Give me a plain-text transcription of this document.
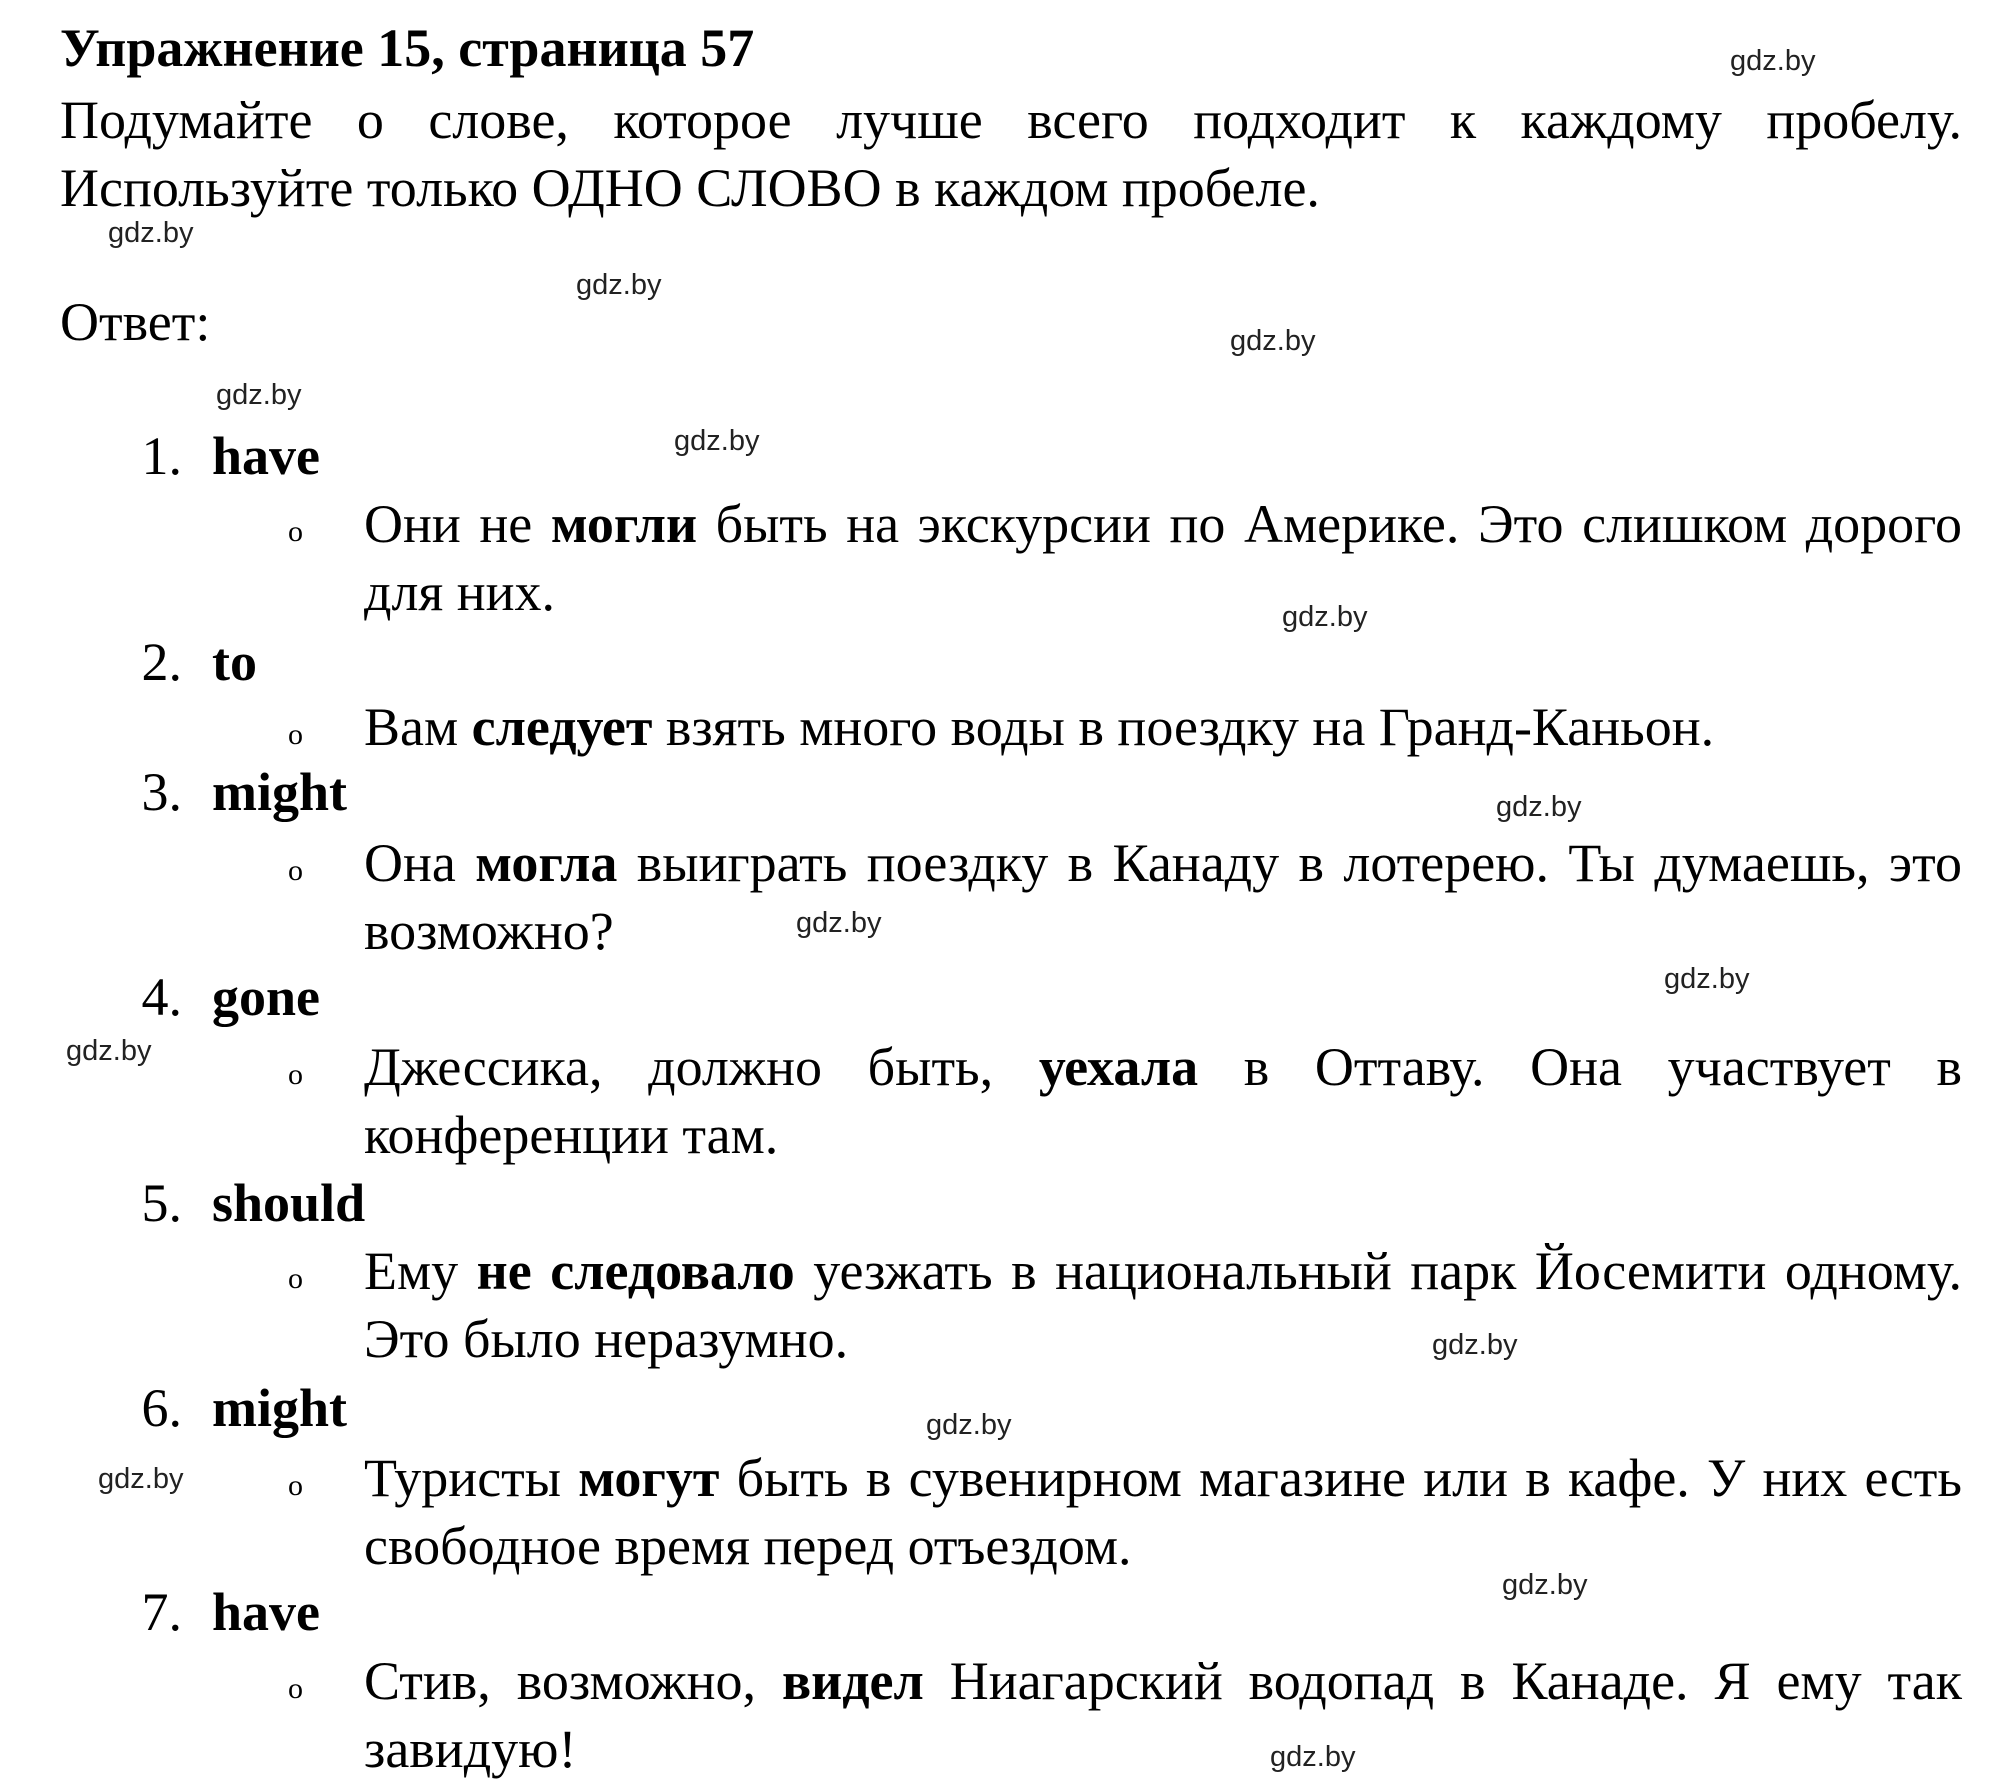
Упражнение 15, страница 57
Подумайте о слове, которое лучше всего подходит к каждому пробелу. Используйте только ОДНО СЛОВО в каждом пробеле.
Ответ:
1. have
o Они не могли быть на экскурсии по Америке. Это слишком дорого для них.
2. to
o Вам следует взять много воды в поездку на Гранд-Каньон.
3. might
o Она могла выиграть поездку в Канаду в лотерею. Ты думаешь, это возможно?
4. gone
o Джессика, должно быть, уехала в Оттаву. Она участвует в конференции там.
5. should
o Ему не следовало уезжать в национальный парк Йосемити одному. Это было неразумно.
6. might
o Туристы могут быть в сувенирном магазине или в кафе. У них есть свободное время перед отъездом.
7. have
o Стив, возможно, видел Ниагарский водопад в Канаде. Я ему так завидую!
gdz.by
gdz.by
gdz.by
gdz.by
gdz.by
gdz.by
gdz.by
gdz.by
gdz.by
gdz.by
gdz.by
gdz.by
gdz.by
gdz.by
gdz.by
gdz.by
